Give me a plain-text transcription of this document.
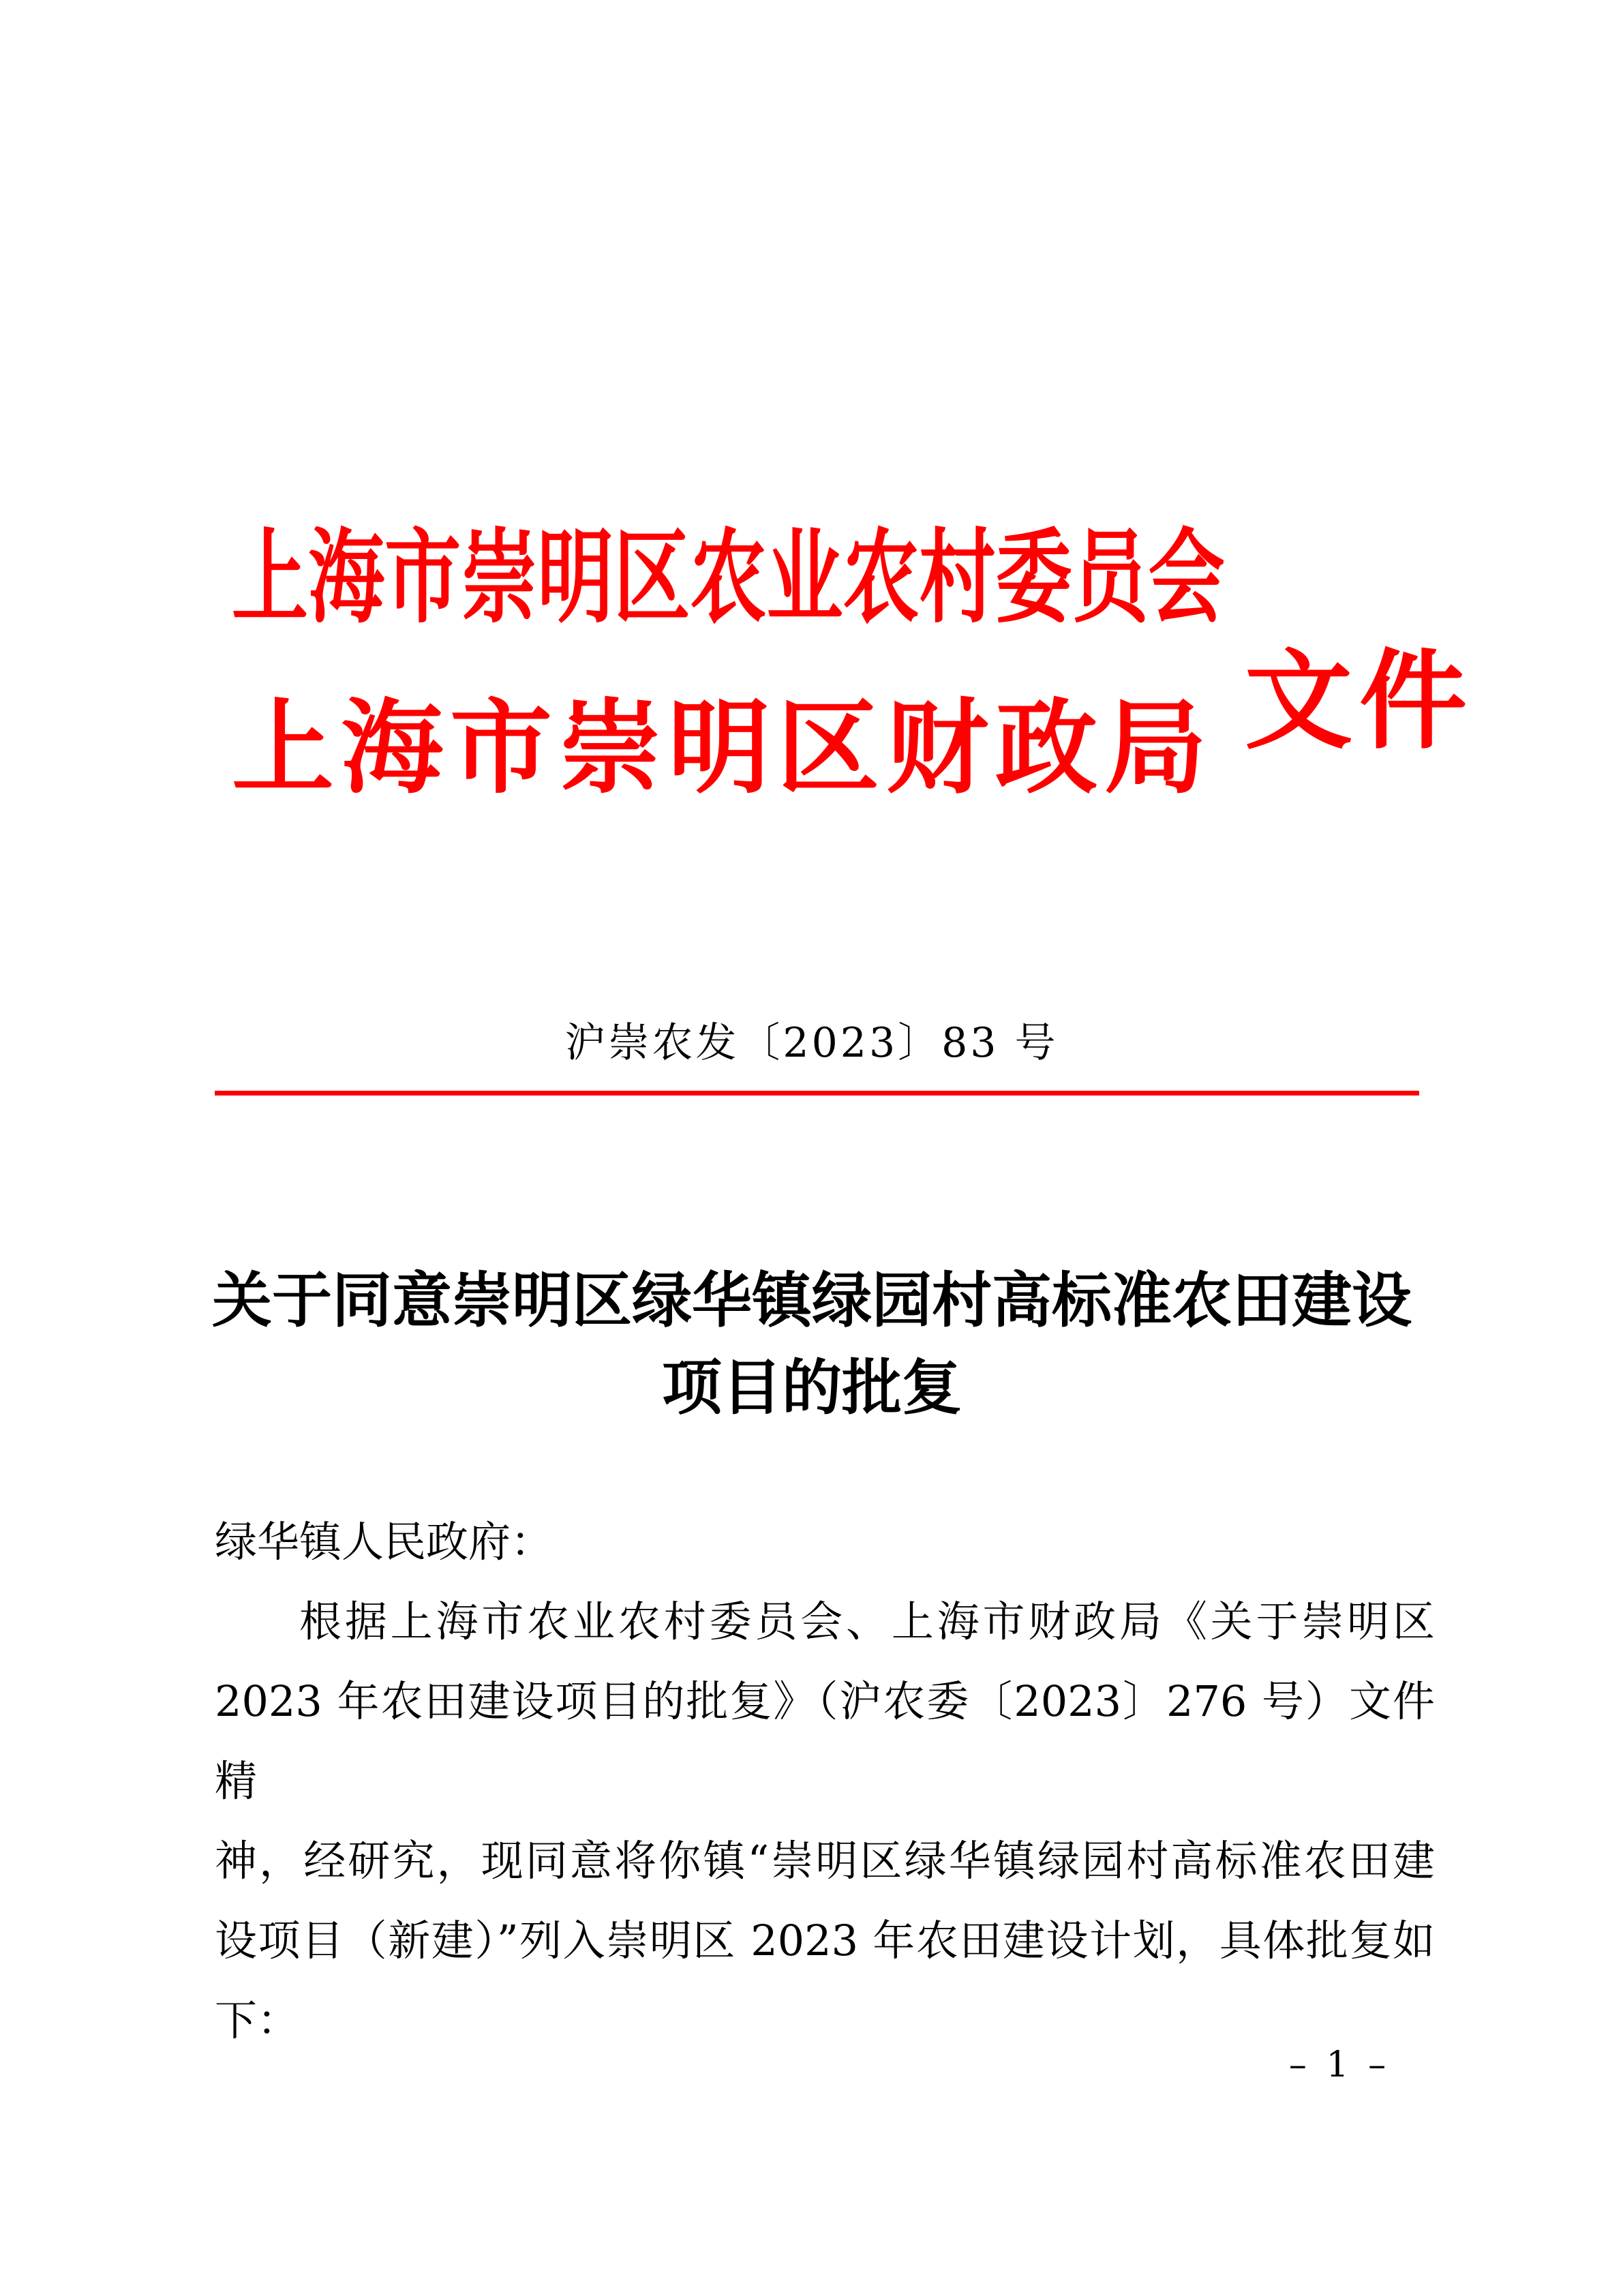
上海市崇明区农业农村委员会
上海市崇明区财政局 文件
沪崇农发〔2023〕83 号
关于同意崇明区绿华镇绿园村高标准农田建设
项目的批复
绿华镇人民政府：
根据上海市农业农村委员会、上海市财政局《关于崇明区
2023 年农田建设项目的批复》（沪农委〔2023〕276 号）文件精
神，经研究，现同意将你镇“崇明区绿华镇绿园村高标准农田建
设项目（新建）”列入崇明区 2023 年农田建设计划，具体批复如
下：
– 1 –
